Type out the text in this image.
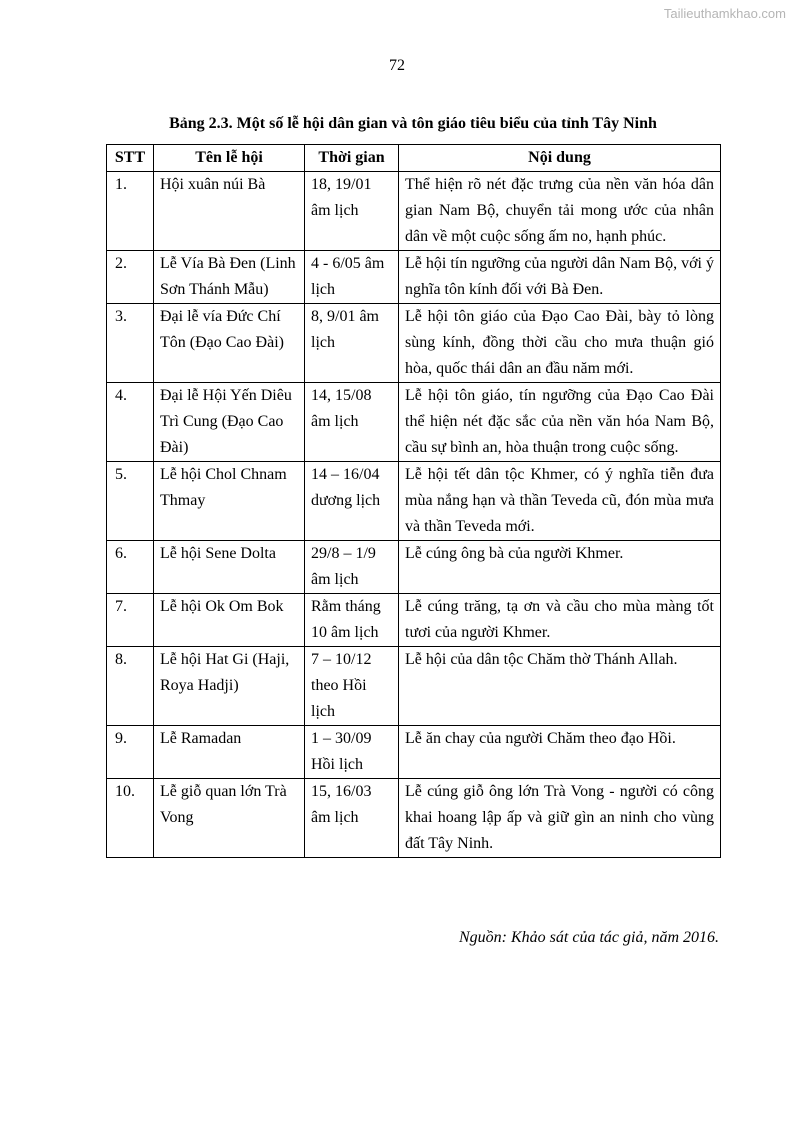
Tailieuthamkhao.com
72
Bảng 2.3. Một số lễ hội dân gian và tôn giáo tiêu biểu của tỉnh Tây Ninh
STT	Tên lễ hội	Thời gian	Nội dung
1.	Hội xuân núi Bà	18, 19/01 âm lịch	Thể hiện rõ nét đặc trưng của nền văn hóa dân gian Nam Bộ, chuyển tải mong ước của nhân dân về một cuộc sống ấm no, hạnh phúc.
2.	Lễ Vía Bà Đen (Linh Sơn Thánh Mẫu)	4 - 6/05 âm lịch	Lễ hội tín ngưỡng của người dân Nam Bộ, với ý nghĩa tôn kính đối với Bà Đen.
3.	Đại lễ vía Đức Chí Tôn (Đạo Cao Đài)	8, 9/01 âm lịch	Lễ hội tôn giáo của Đạo Cao Đài, bày tỏ lòng sùng kính, đồng thời cầu cho mưa thuận gió hòa, quốc thái dân an đầu năm mới.
4.	Đại lễ Hội Yến Diêu Trì Cung (Đạo Cao Đài)	14, 15/08 âm lịch	Lễ hội tôn giáo, tín ngưỡng của Đạo Cao Đài thể hiện nét đặc sắc của nền văn hóa Nam Bộ, cầu sự bình an, hòa thuận trong cuộc sống.
5.	Lễ hội Chol Chnam Thmay	14 – 16/04 dương lịch	Lễ hội tết dân tộc Khmer, có ý nghĩa tiễn đưa mùa nắng hạn và thần Teveda cũ, đón mùa mưa và thần Teveda mới.
6.	Lễ hội Sene Dolta	29/8 – 1/9 âm lịch	Lễ cúng ông bà của người Khmer.
7.	Lễ hội Ok Om Bok	Rằm tháng 10 âm lịch	Lễ cúng trăng, tạ ơn và cầu cho mùa màng tốt tươi của người Khmer.
8.	Lễ hội Hat Gi (Haji, Roya Hadji)	7 – 10/12 theo Hồi lịch	Lễ hội của dân tộc Chăm thờ Thánh Allah.
9.	Lễ Ramadan	1 – 30/09 Hồi lịch	Lễ ăn chay của người Chăm theo đạo Hồi.
10.	Lễ giỗ quan lớn Trà Vong	15, 16/03 âm lịch	Lễ cúng giỗ ông lớn Trà Vong - người có công khai hoang lập ấp và giữ gìn an ninh cho vùng đất Tây Ninh.
Nguồn: Khảo sát của tác giả, năm 2016.
